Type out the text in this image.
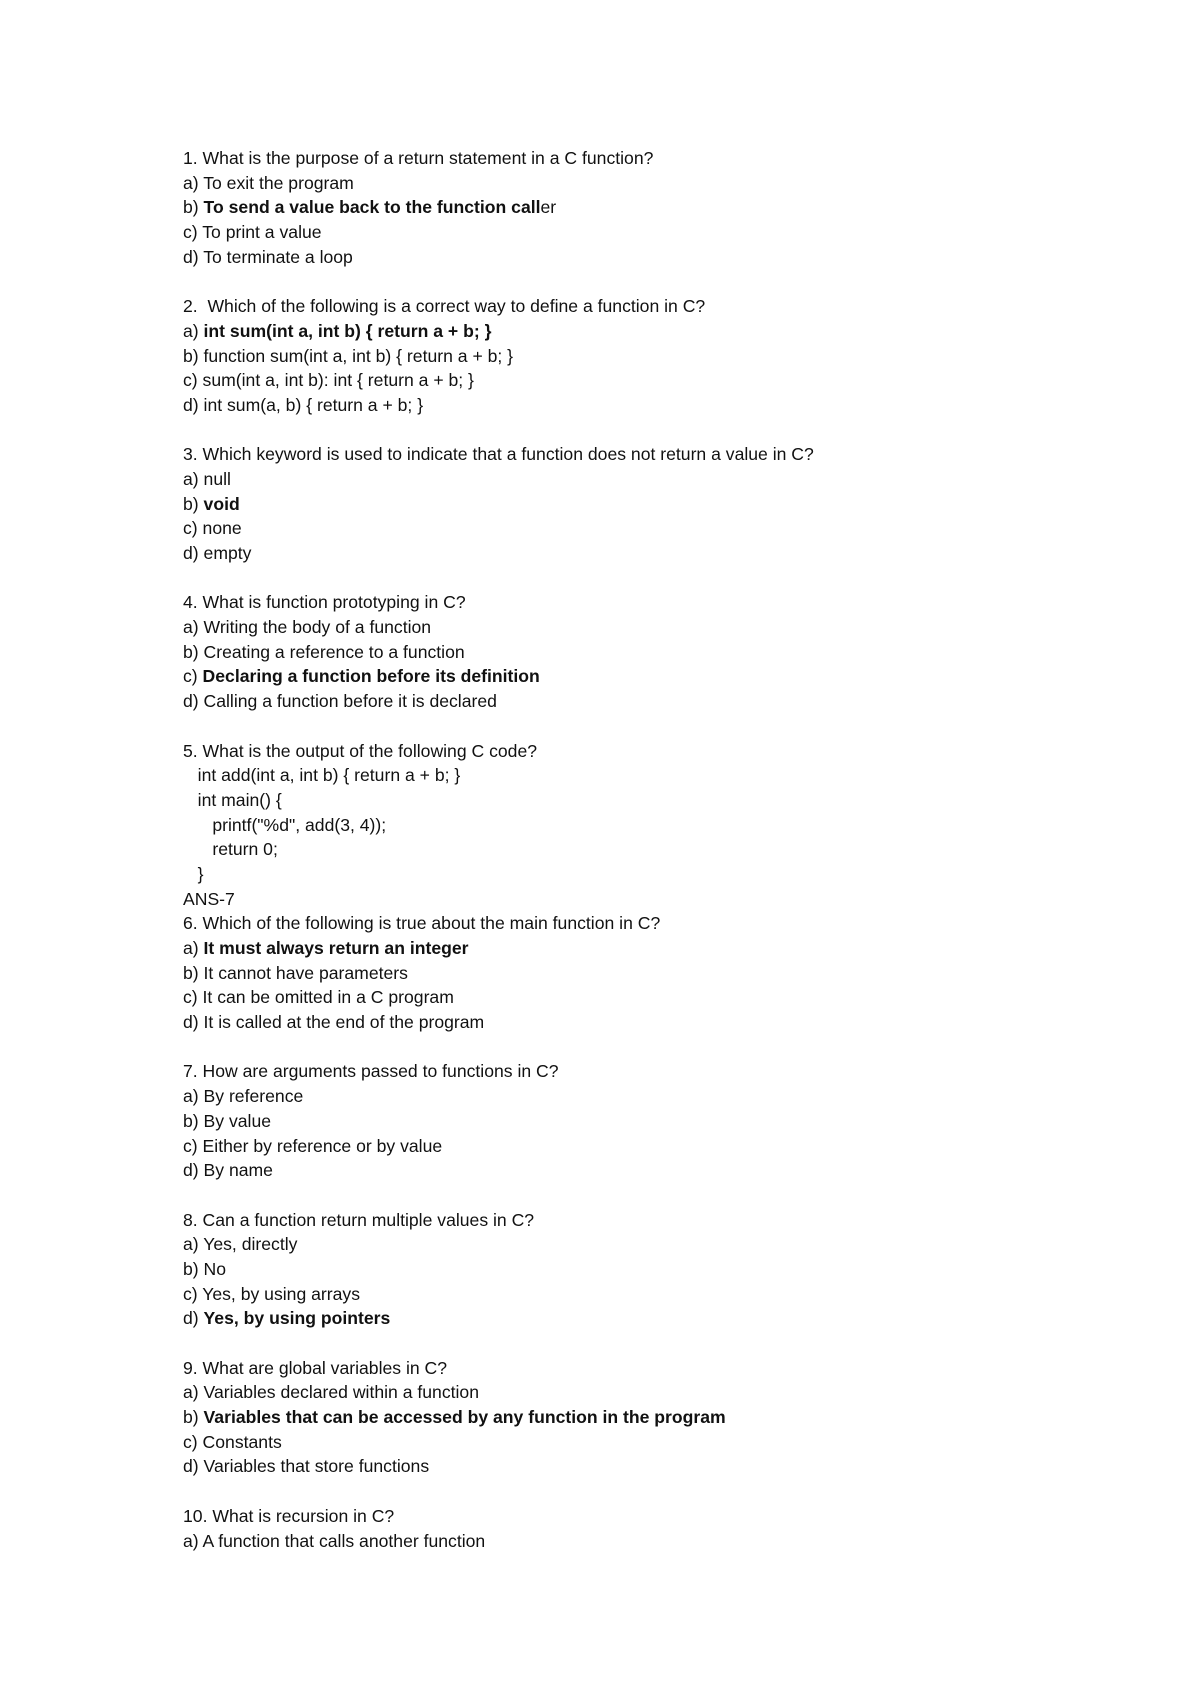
1. What is the purpose of a return statement in a C function?
a) To exit the program
b) To send a value back to the function caller
c) To print a value
d) To terminate a loop
2.  Which of the following is a correct way to define a function in C?
a) int sum(int a, int b) { return a + b; }
b) function sum(int a, int b) { return a + b; }
c) sum(int a, int b): int { return a + b; }
d) int sum(a, b) { return a + b; }
3. Which keyword is used to indicate that a function does not return a value in C?
a) null
b) void
c) none
d) empty
4. What is function prototyping in C?
a) Writing the body of a function
b) Creating a reference to a function
c) Declaring a function before its definition
d) Calling a function before it is declared
5. What is the output of the following C code?
int add(int a, int b) { return a + b; }
int main() {
printf("%d", add(3, 4));
return 0;
}
ANS-7
6. Which of the following is true about the main function in C?
a) It must always return an integer
b) It cannot have parameters
c) It can be omitted in a C program
d) It is called at the end of the program
7. How are arguments passed to functions in C?
a) By reference
b) By value
c) Either by reference or by value
d) By name
8. Can a function return multiple values in C?
a) Yes, directly
b) No
c) Yes, by using arrays
d) Yes, by using pointers
9. What are global variables in C?
a) Variables declared within a function
b) Variables that can be accessed by any function in the program
c) Constants
d) Variables that store functions
10. What is recursion in C?
a) A function that calls another function
